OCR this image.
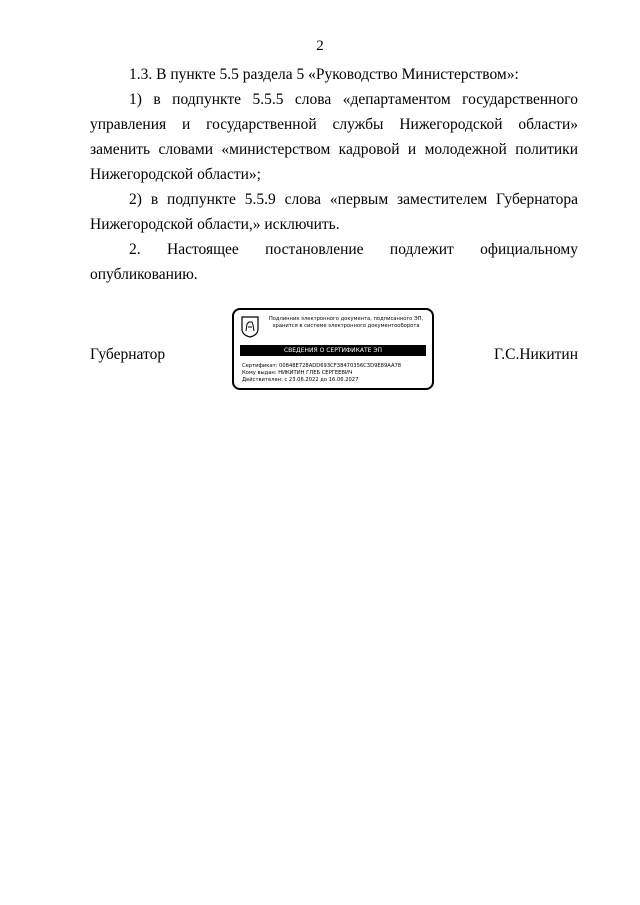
2

1.3. В пункте 5.5 раздела 5 «Руководство Министерством»:

1) в подпункте 5.5.5 слова «департаментом государственного управления и государственной службы Нижегородской области» заменить словами «министерством кадровой и молодежной политики Нижегородской области»;

2) в подпункте 5.5.9 слова «первым заместителем Губернатора Нижегородской области,» исключить.

2. Настоящее постановление подлежит официальному опубликованию.

Губернатор
Подлинник электронного документа, подписанного ЭП,
хранится в системе электронного документооборота
СВЕДЕНИЯ О СЕРТИФИКАТЕ ЭП
Сертификат: 00848E728ADD693CF38470356C3D9E89AA78
Кому выдан: НИКИТИН ГЛЕБ СЕРГЕЕВИЧ
Действителен: с 23.06.2022 до 16.06.2027
Г.С.Никитин
